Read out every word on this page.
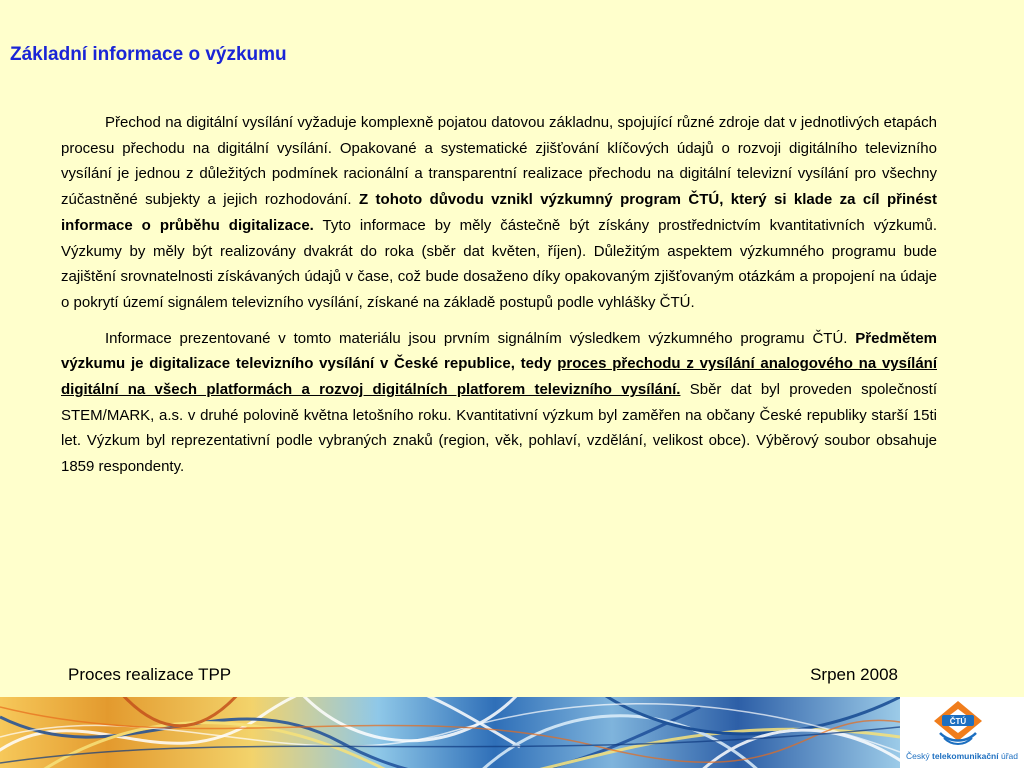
Základní informace o výzkumu

Přechod na digitální vysílání vyžaduje komplexně pojatou datovou základnu, spojující různé zdroje dat v jednotlivých etapách procesu přechodu na digitální vysílání. Opakované a systematické zjišťování klíčových údajů o rozvoji digitálního televizního vysílání je jednou z důležitých podmínek racionální a transparentní realizace přechodu na digitální televizní vysílání pro všechny zúčastněné subjekty a jejich rozhodování. Z tohoto důvodu vznikl výzkumný program ČTÚ, který si klade za cíl přinést informace o průběhu digitalizace. Tyto informace by měly částečně být získány prostřednictvím kvantitativních výzkumů. Výzkumy by měly být realizovány dvakrát do roka (sběr dat květen, říjen). Důležitým aspektem výzkumného programu bude zajištění srovnatelnosti získávaných údajů v čase, což bude dosaženo díky opakovaným zjišťovaným otázkám a propojení na údaje o pokrytí území signálem televizního vysílání, získané na základě postupů podle vyhlášky ČTÚ.

Informace prezentované v tomto materiálu jsou prvním signálním výsledkem výzkumného programu ČTÚ. Předmětem výzkumu je digitalizace televizního vysílání v České republice, tedy proces přechodu z vysílání analogového na vysílání digitální na všech platformách a rozvoj digitálních platforem televizního vysílání. Sběr dat byl proveden společností STEM/MARK, a.s. v druhé polovině května letošního roku. Kvantitativní výzkum byl zaměřen na občany České republiky starší 15ti let. Výzkum byl reprezentativní podle vybraných znaků (region, věk, pohlaví, vzdělání, velikost obce). Výběrový soubor obsahuje 1859 respondenty.

Proces realizace TPP	Srpen 2008
ČTÚ
Český telekomunikační úřad
